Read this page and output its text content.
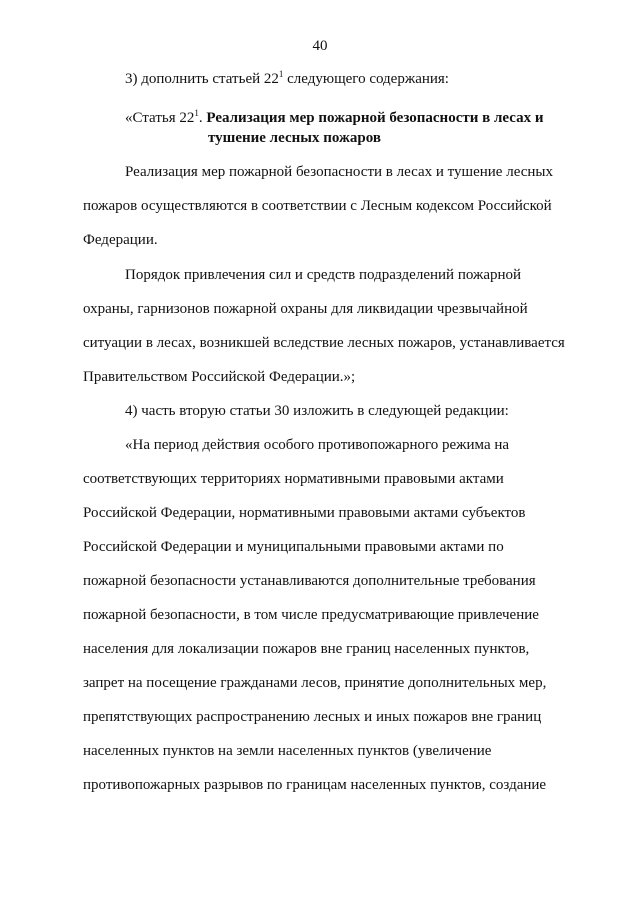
40
3) дополнить статьей $22^1$ следующего содержания:
«Статья $22^1$. Реализация мер пожарной безопасности в лесах и
тушение лесных пожаров
Реализация мер пожарной безопасности в лесах и тушение лесных
пожаров осуществляются в соответствии с Лесным кодексом Российской
Федерации.
Порядок привлечения сил и средств подразделений пожарной
охраны, гарнизонов пожарной охраны для ликвидации чрезвычайной
ситуации в лесах, возникшей вследствие лесных пожаров, устанавливается
Правительством Российской Федерации.»;
4) часть вторую статьи 30 изложить в следующей редакции:
«На период действия особого противопожарного режима на
соответствующих территориях нормативными правовыми актами
Российской Федерации, нормативными правовыми актами субъектов
Российской Федерации и муниципальными правовыми актами по
пожарной безопасности устанавливаются дополнительные требования
пожарной безопасности, в том числе предусматривающие привлечение
населения для локализации пожаров вне границ населенных пунктов,
запрет на посещение гражданами лесов, принятие дополнительных мер,
препятствующих распространению лесных и иных пожаров вне границ
населенных пунктов на земли населенных пунктов (увеличение
противопожарных разрывов по границам населенных пунктов, создание
